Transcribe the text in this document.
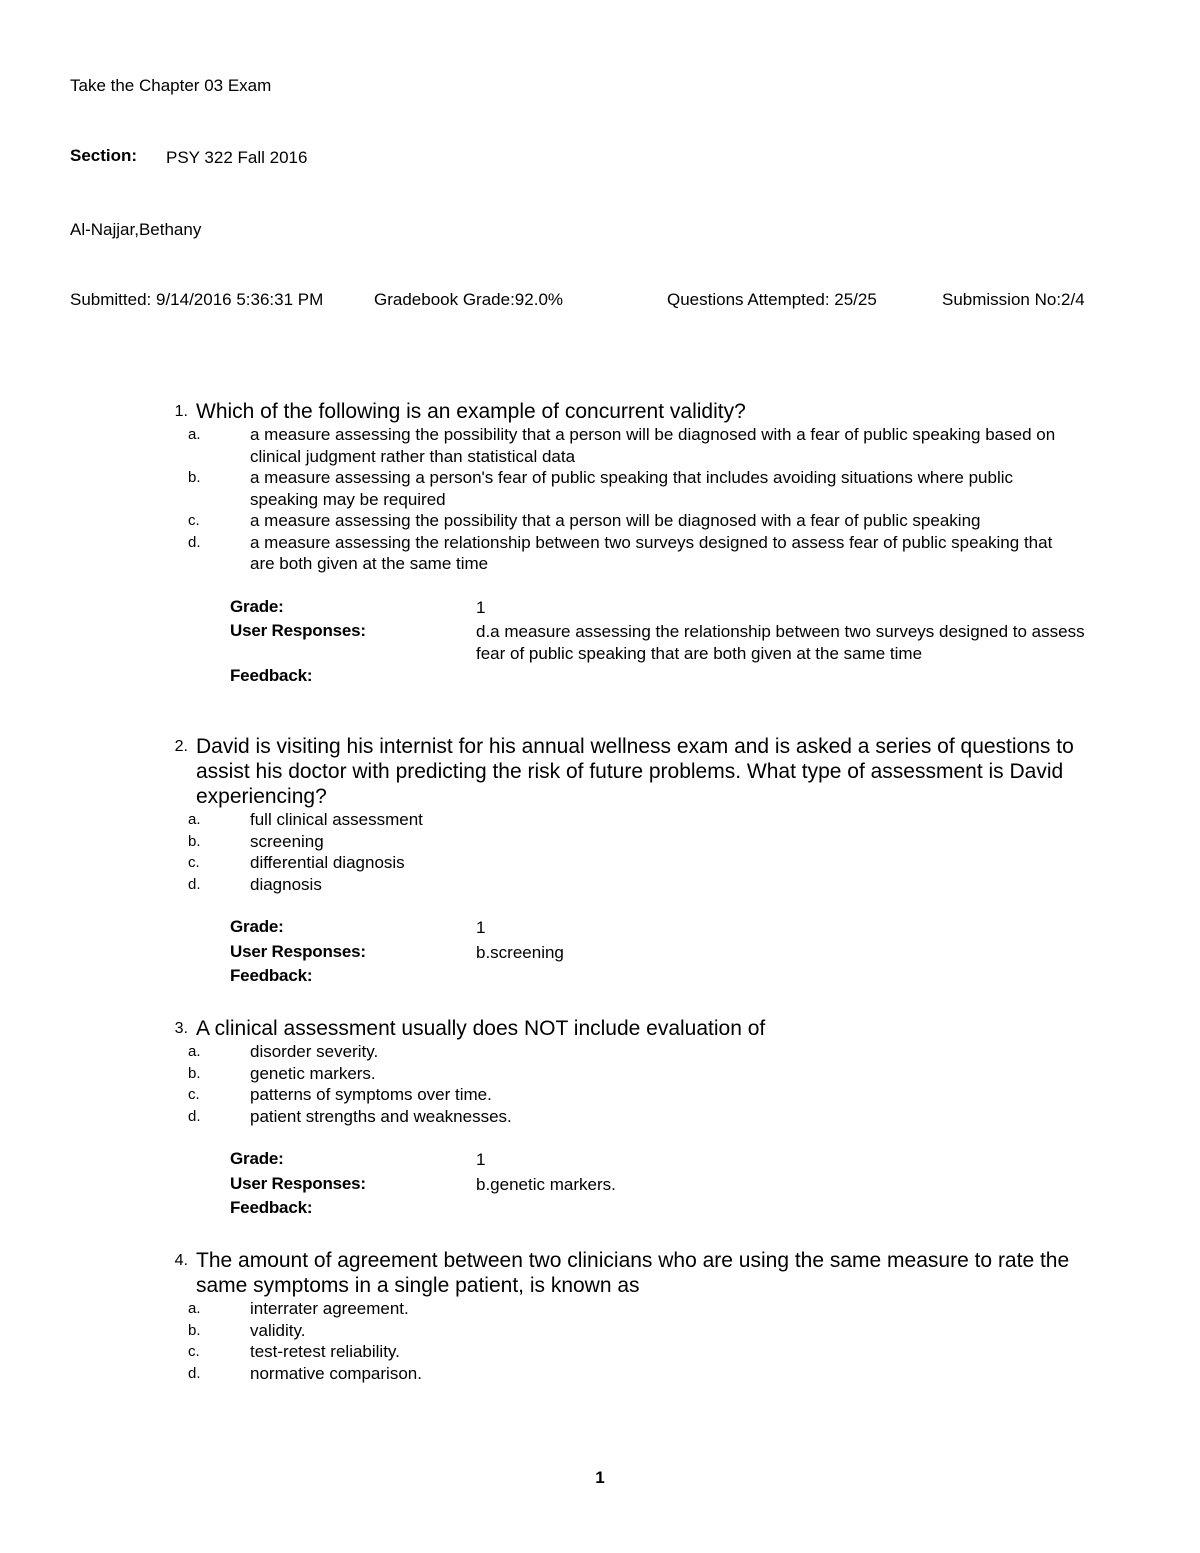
Take the Chapter 03 Exam
Section: PSY 322 Fall 2016
Al-Najjar,Bethany
Submitted: 9/14/2016 5:36:31 PM	Gradebook Grade:92.0%	Questions Attempted: 25/25	Submission No:2/4
1. Which of the following is an example of concurrent validity?
a.	a measure assessing the possibility that a person will be diagnosed with a fear of public speaking based on clinical judgment rather than statistical data
b.	a measure assessing a person's fear of public speaking that includes avoiding situations where public speaking may be required
c.	a measure assessing the possibility that a person will be diagnosed with a fear of public speaking
d.	a measure assessing the relationship between two surveys designed to assess fear of public speaking that are both given at the same time
Grade:	1
User Responses:	d.a measure assessing the relationship between two surveys designed to assess fear of public speaking that are both given at the same time
Feedback:
2. David is visiting his internist for his annual wellness exam and is asked a series of questions to assist his doctor with predicting the risk of future problems. What type of assessment is David experiencing?
a.	full clinical assessment
b.	screening
c.	differential diagnosis
d.	diagnosis
Grade:	1
User Responses:	b.screening
Feedback:
3. A clinical assessment usually does NOT include evaluation of
a.	disorder severity.
b.	genetic markers.
c.	patterns of symptoms over time.
d.	patient strengths and weaknesses.
Grade:	1
User Responses:	b.genetic markers.
Feedback:
4. The amount of agreement between two clinicians who are using the same measure to rate the same symptoms in a single patient, is known as
a.	interrater agreement.
b.	validity.
c.	test-retest reliability.
d.	normative comparison.
1
